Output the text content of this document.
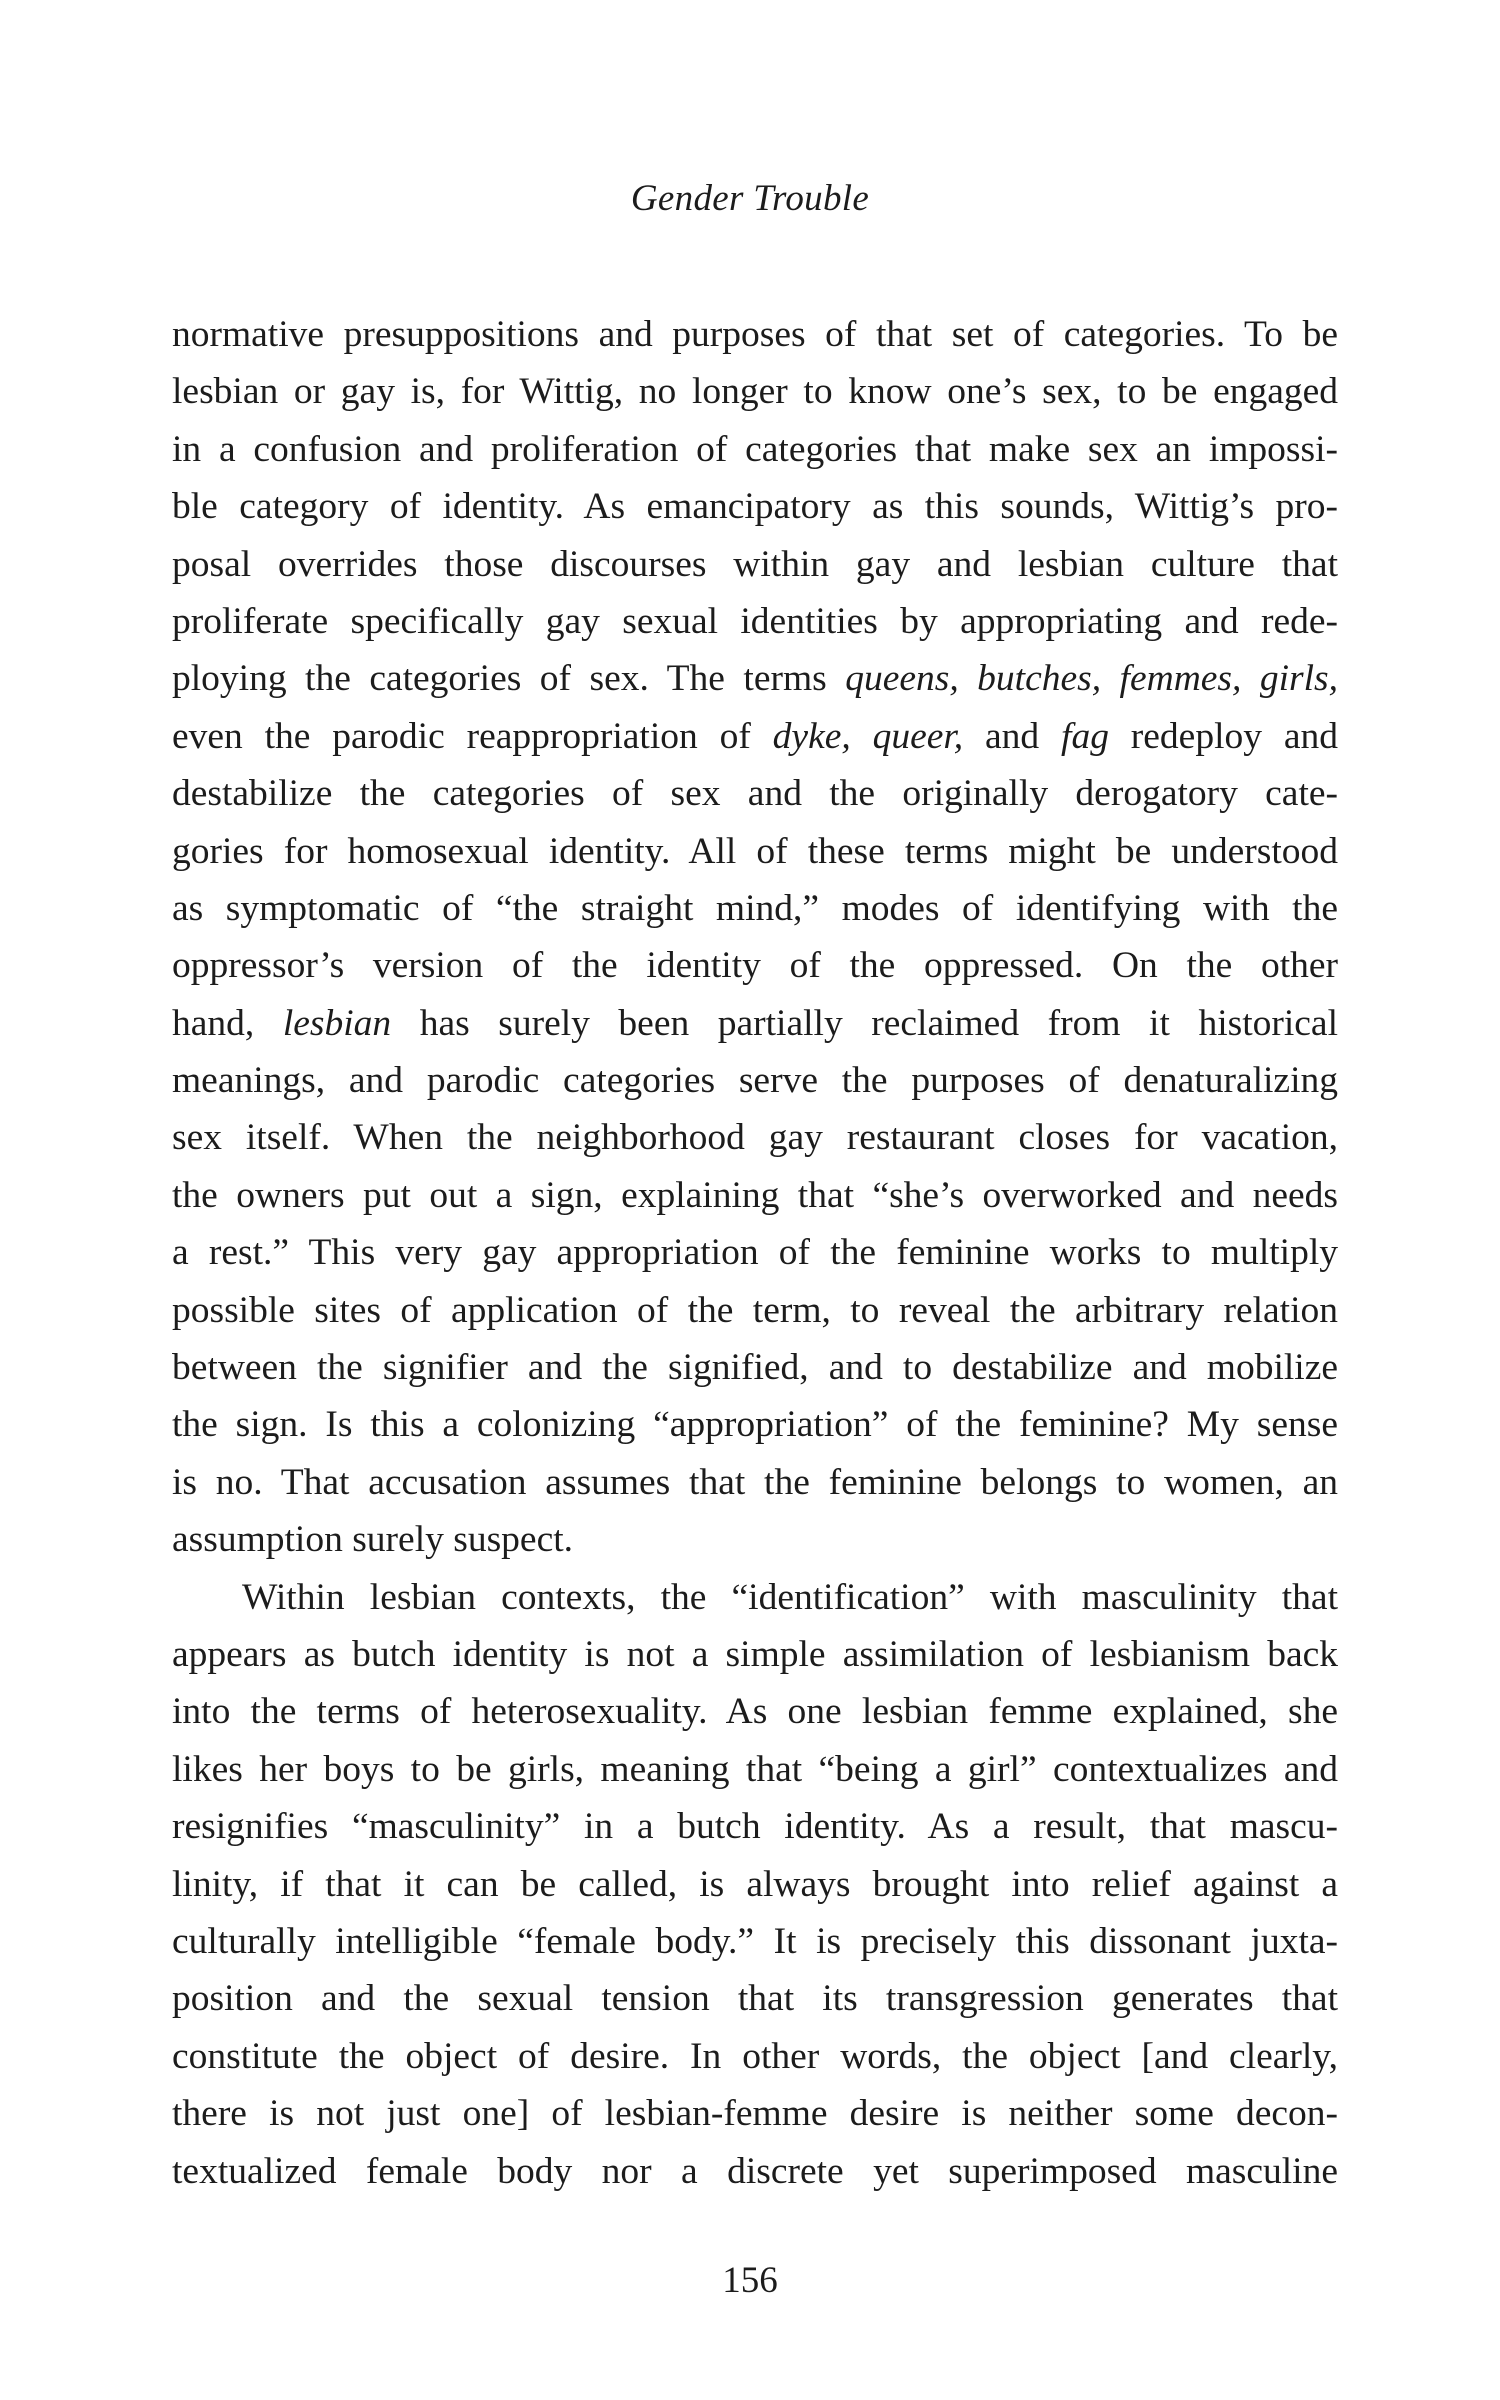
Gender Trouble
normative presuppositions and purposes of that set of categories. To be
lesbian or gay is, for Wittig, no longer to know one’s sex, to be engaged
in a confusion and proliferation of categories that make sex an impossi-
ble category of identity. As emancipatory as this sounds, Wittig’s pro-
posal overrides those discourses within gay and lesbian culture that
proliferate specifically gay sexual identities by appropriating and rede-
ploying the categories of sex. The terms queens, butches, femmes, girls,
even the parodic reappropriation of dyke, queer, and fag redeploy and
destabilize the categories of sex and the originally derogatory cate-
gories for homosexual identity. All of these terms might be understood
as symptomatic of “the straight mind,” modes of identifying with the
oppressor’s version of the identity of the oppressed. On the other
hand, lesbian has surely been partially reclaimed from it historical
meanings, and parodic categories serve the purposes of denaturalizing
sex itself. When the neighborhood gay restaurant closes for vacation,
the owners put out a sign, explaining that “she’s overworked and needs
a rest.” This very gay appropriation of the feminine works to multiply
possible sites of application of the term, to reveal the arbitrary relation
between the signifier and the signified, and to destabilize and mobilize
the sign. Is this a colonizing “appropriation” of the feminine? My sense
is no. That accusation assumes that the feminine belongs to women, an
assumption surely suspect.
Within lesbian contexts, the “identification” with masculinity that
appears as butch identity is not a simple assimilation of lesbianism back
into the terms of heterosexuality. As one lesbian femme explained, she
likes her boys to be girls, meaning that “being a girl” contextualizes and
resignifies “masculinity” in a butch identity. As a result, that mascu-
linity, if that it can be called, is always brought into relief against a
culturally intelligible “female body.” It is precisely this dissonant juxta-
position and the sexual tension that its transgression generates that
constitute the object of desire. In other words, the object [and clearly,
there is not just one] of lesbian-femme desire is neither some decon-
textualized female body nor a discrete yet superimposed masculine
156
